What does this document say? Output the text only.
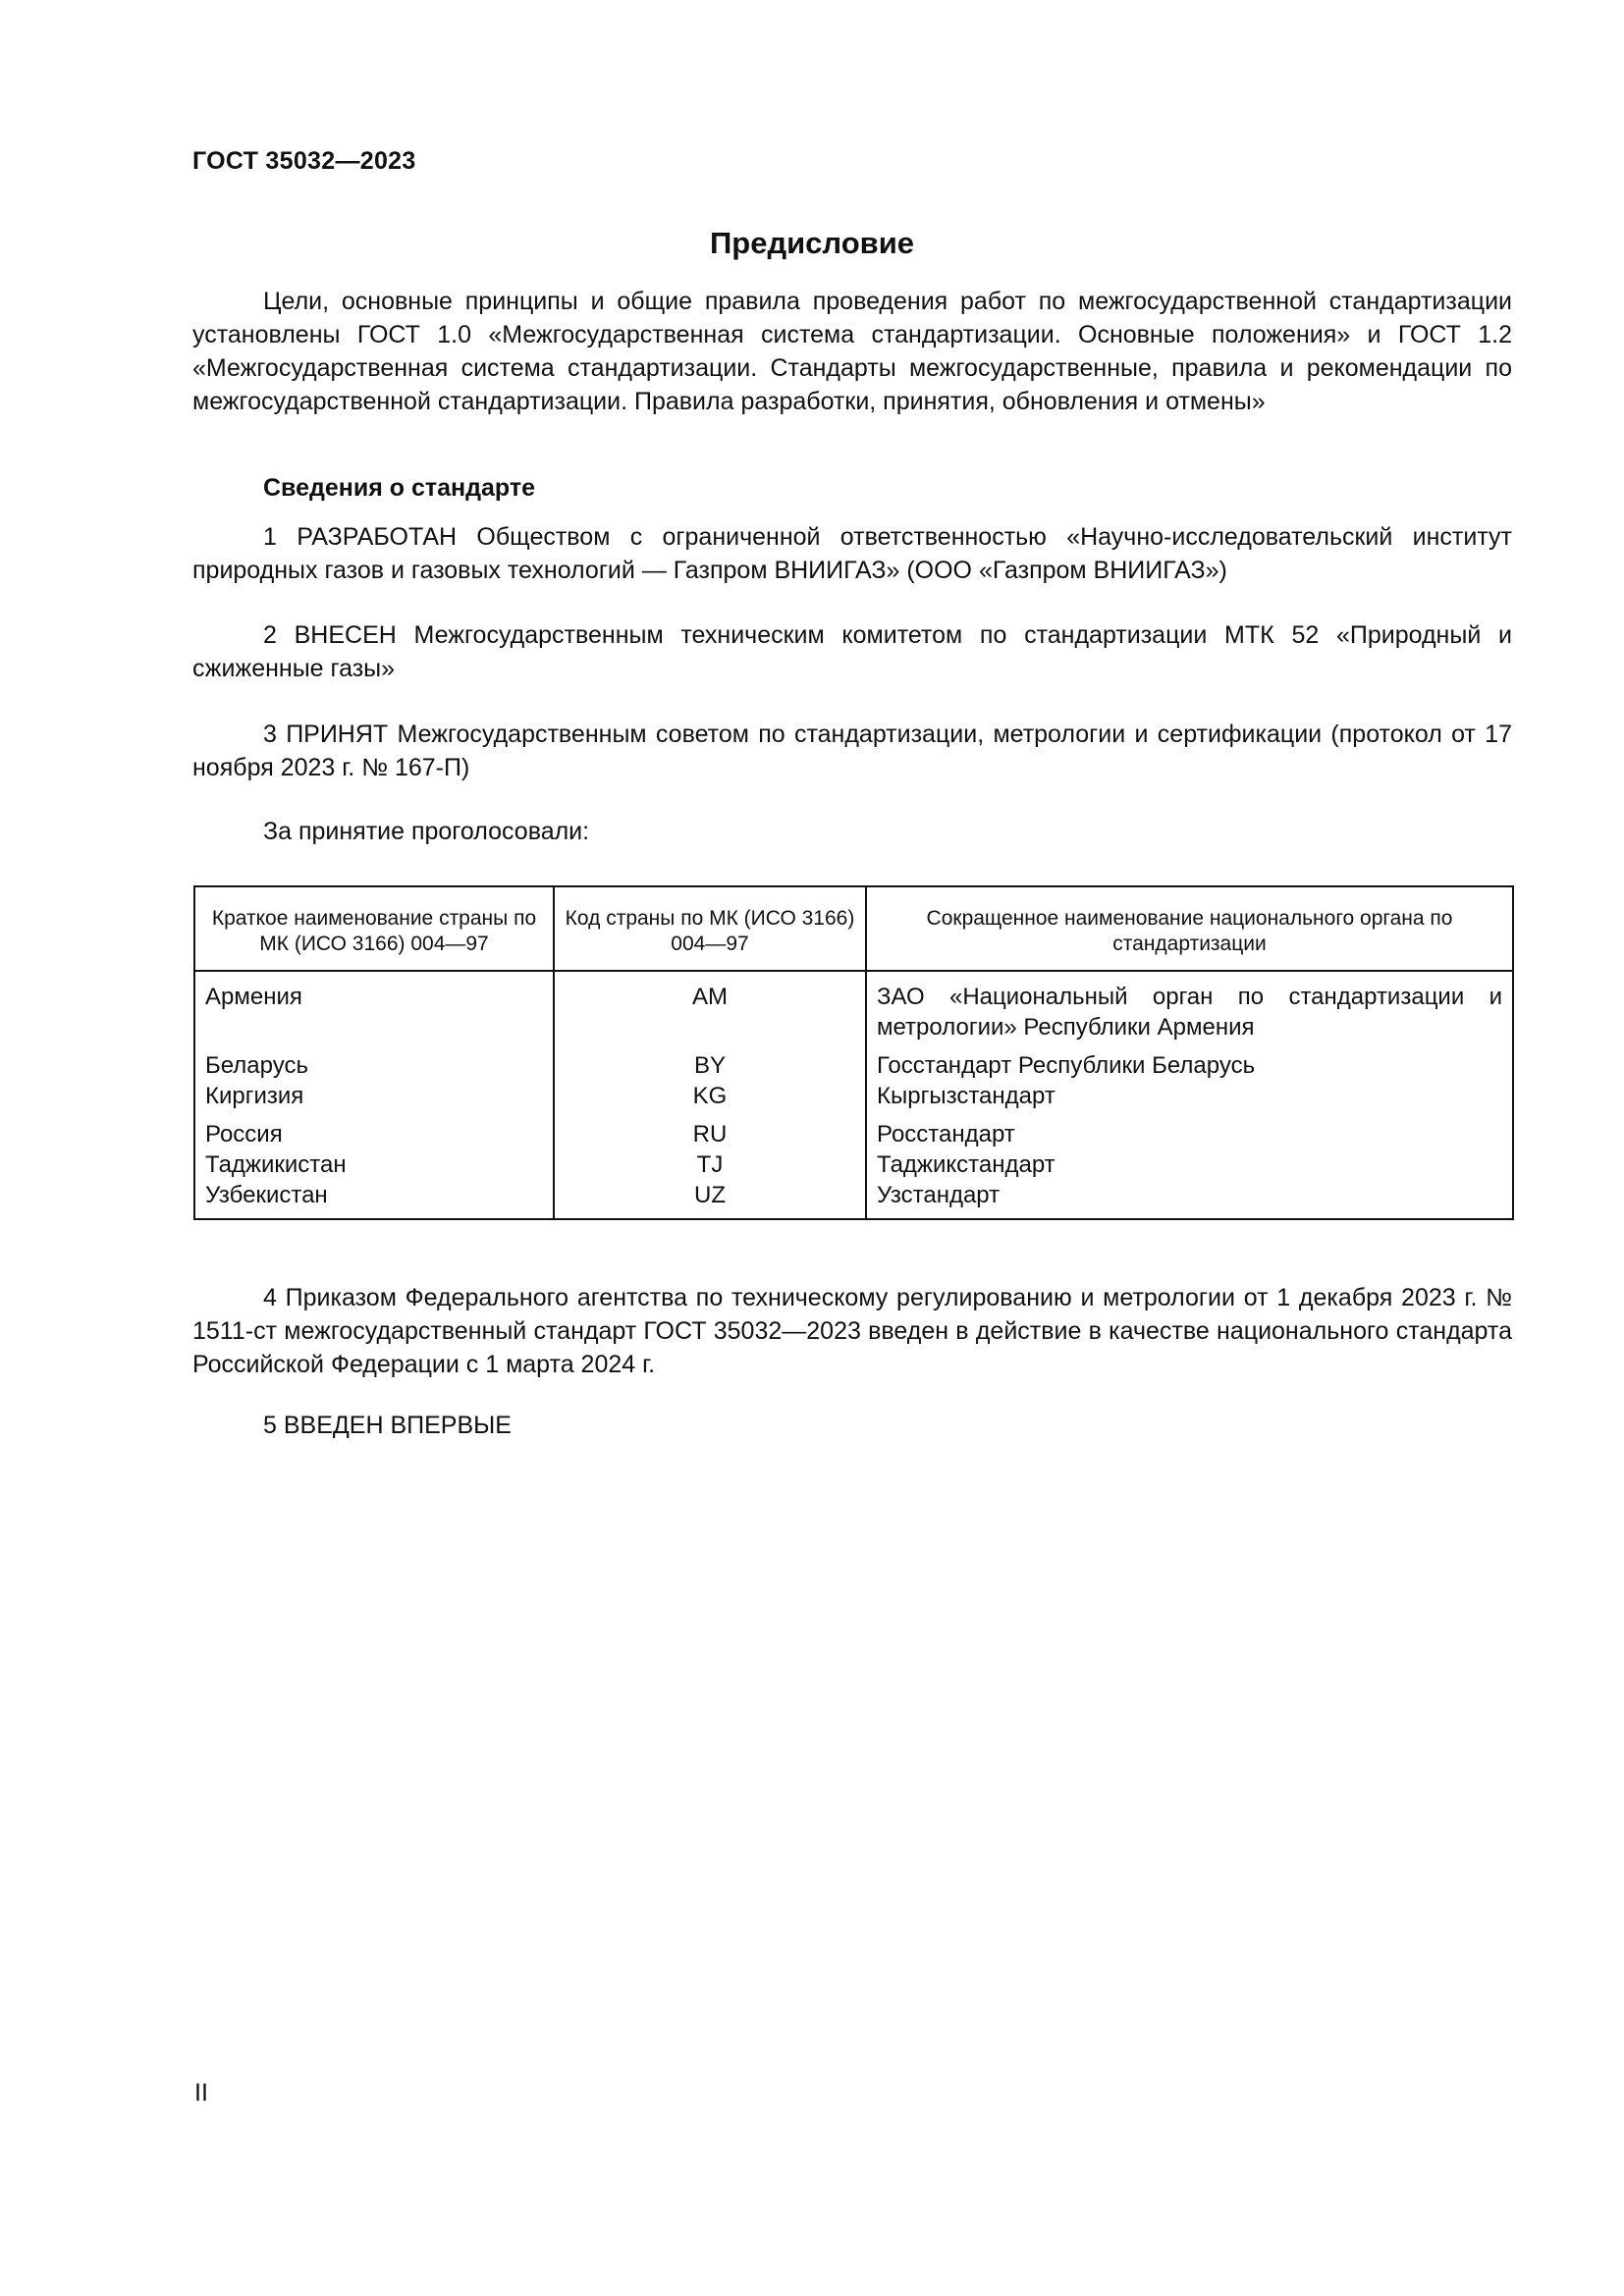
ГОСТ 35032—2023
Предисловие

Цели, основные принципы и общие правила проведения работ по межгосударственной стандартизации установлены ГОСТ 1.0 «Межгосударственная система стандартизации. Основные положения» и ГОСТ 1.2 «Межгосударственная система стандартизации. Стандарты межгосударственные, правила и рекомендации по межгосударственной стандартизации. Правила разработки, принятия, обновления и отмены»

Сведения о стандарте

1 РАЗРАБОТАН Обществом с ограниченной ответственностью «Научно-исследовательский институт природных газов и газовых технологий — Газпром ВНИИГАЗ» (ООО «Газпром ВНИИГАЗ»)

2 ВНЕСЕН Межгосударственным техническим комитетом по стандартизации МТК 52 «Природный и сжиженные газы»

3 ПРИНЯТ Межгосударственным советом по стандартизации, метрологии и сертификации (протокол от 17 ноября 2023 г. № 167-П)

За принятие проголосовали:
Краткое наименование страны по МК (ИСО 3166) 004—97	Код страны по МК (ИСО 3166) 004—97	Сокращенное наименование национального органа по стандартизации
Армения	AM	ЗАО «Национальный орган по стандартизации и метрологии» Республики Армения
Беларусь	BY	Госстандарт Республики Беларусь
Киргизия	KG	Кыргызстандарт
Россия	RU	Росстандарт
Таджикистан	TJ	Таджикстандарт
Узбекистан	UZ	Узстандарт

4 Приказом Федерального агентства по техническому регулированию и метрологии от 1 декабря 2023 г. № 1511-ст межгосударственный стандарт ГОСТ 35032—2023 введен в действие в качестве национального стандарта Российской Федерации с 1 марта 2024 г.

5 ВВЕДЕН ВПЕРВЫЕ
II
